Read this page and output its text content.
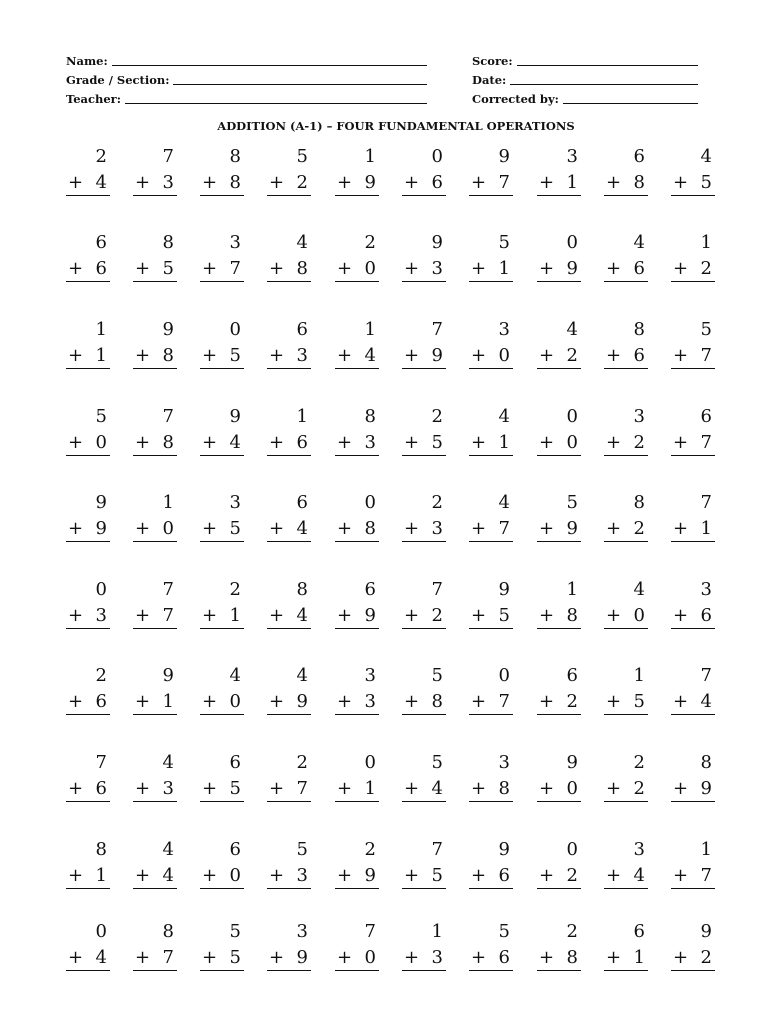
Name:
Grade / Section:
Teacher:
Score:
Date:
Corrected by:
ADDITION (A-1) – FOUR FUNDAMENTAL OPERATIONS
2
+ 4
7
+ 3
8
+ 8
5
+ 2
1
+ 9
0
+ 6
9
+ 7
3
+ 1
6
+ 8
4
+ 5
6
+ 6
8
+ 5
3
+ 7
4
+ 8
2
+ 0
9
+ 3
5
+ 1
0
+ 9
4
+ 6
1
+ 2
1
+ 1
9
+ 8
0
+ 5
6
+ 3
1
+ 4
7
+ 9
3
+ 0
4
+ 2
8
+ 6
5
+ 7
5
+ 0
7
+ 8
9
+ 4
1
+ 6
8
+ 3
2
+ 5
4
+ 1
0
+ 0
3
+ 2
6
+ 7
9
+ 9
1
+ 0
3
+ 5
6
+ 4
0
+ 8
2
+ 3
4
+ 7
5
+ 9
8
+ 2
7
+ 1
0
+ 3
7
+ 7
2
+ 1
8
+ 4
6
+ 9
7
+ 2
9
+ 5
1
+ 8
4
+ 0
3
+ 6
2
+ 6
9
+ 1
4
+ 0
4
+ 9
3
+ 3
5
+ 8
0
+ 7
6
+ 2
1
+ 5
7
+ 4
7
+ 6
4
+ 3
6
+ 5
2
+ 7
0
+ 1
5
+ 4
3
+ 8
9
+ 0
2
+ 2
8
+ 9
8
+ 1
4
+ 4
6
+ 0
5
+ 3
2
+ 9
7
+ 5
9
+ 6
0
+ 2
3
+ 4
1
+ 7
0
+ 4
8
+ 7
5
+ 5
3
+ 9
7
+ 0
1
+ 3
5
+ 6
2
+ 8
6
+ 1
9
+ 2
